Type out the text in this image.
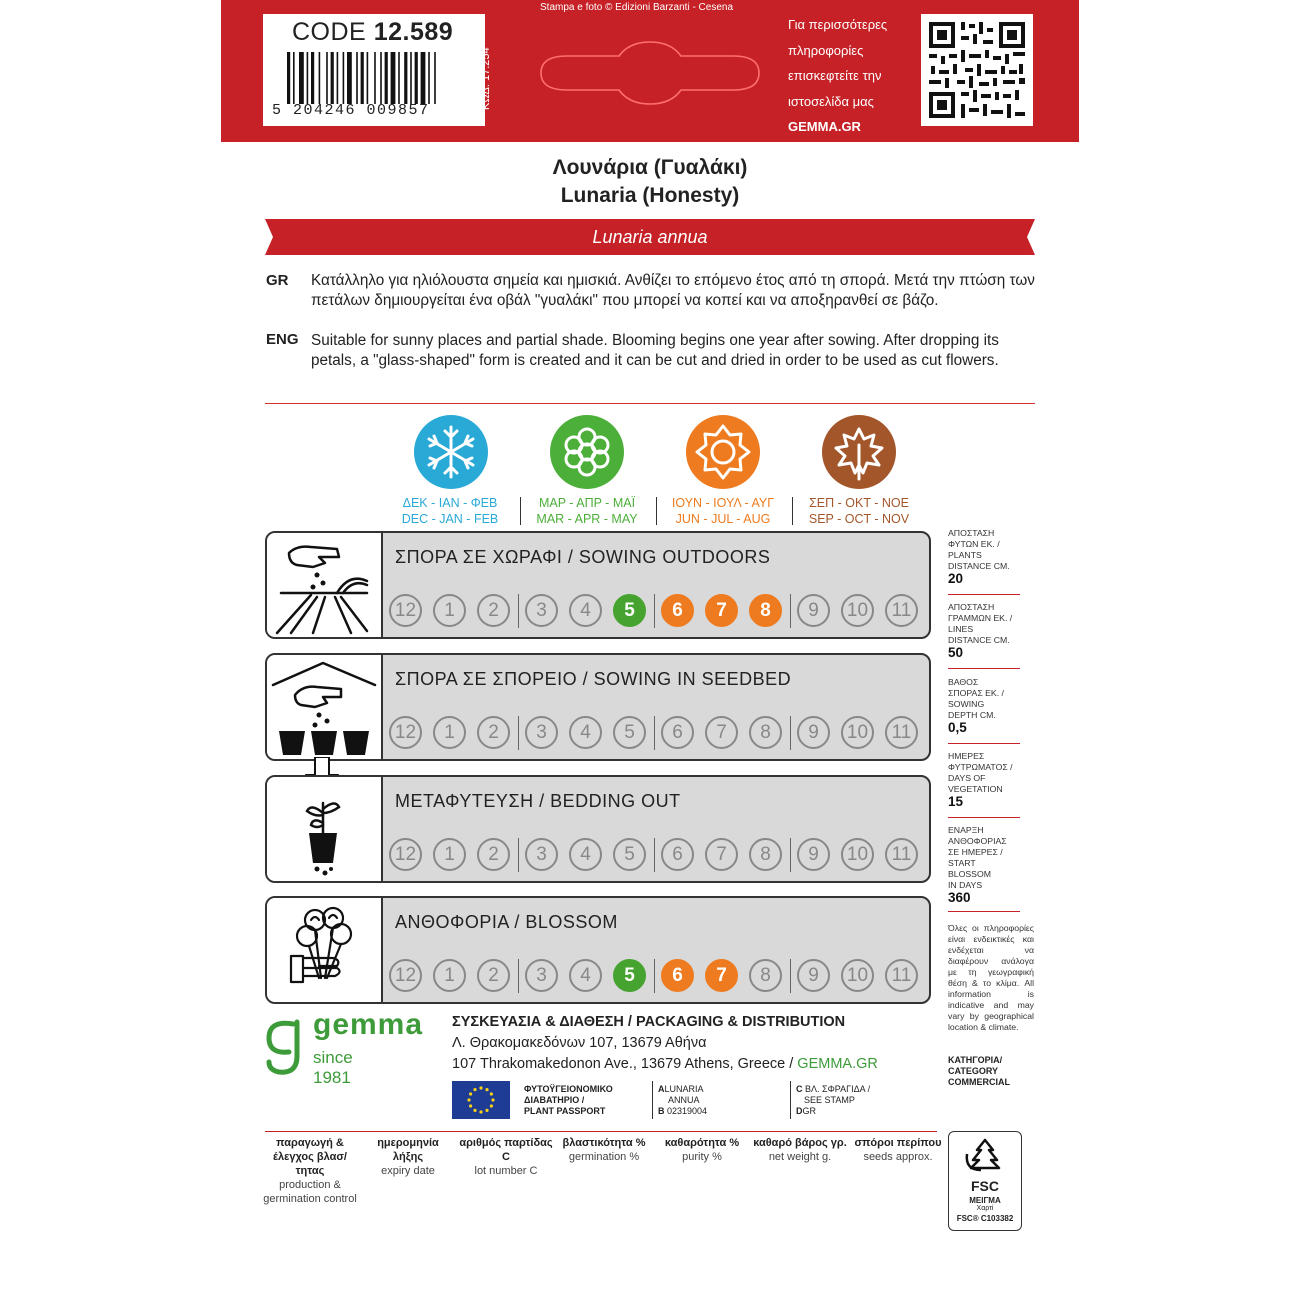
CODE 12.589
5 204246 009857
ΚΩΔ. 17.254
Stampa e foto © Edizioni Barzanti - Cesena
Για περισσότερες
πληροφορίες
επισκεφτείτε την
ιστοσελίδα μας
GEMMA.GR
Λουνάρια (Γυαλάκι)
Lunaria (Honesty)
Lunaria annua
GR Κατάλληλο για ηλιόλουστα σημεία και ημισκιά. Ανθίζει το επόμενο έτος από τη σπορά. Μετά την πτώση των πετάλων δημιουργείται ένα οβάλ "γυαλάκι" που μπορεί να κοπεί και να αποξηρανθεί σε βάζο.
ENG Suitable for sunny places and partial shade. Blooming begins one year after sowing. After dropping its petals, a "glass-shaped" form is created and it can be cut and dried in order to be used as cut flowers.
ΔΕΚ - ΙΑΝ - ΦΕΒ
DEC - JAN - FEB
ΜΑΡ - ΑΠΡ - ΜΑΪ
MAR - APR - MAY
ΙΟΥΝ - ΙΟΥΛ - ΑΥΓ
JUN - JUL - AUG
ΣΕΠ - ΟΚΤ - ΝΟΕ
SEP - OCT - NOV
ΣΠΟΡΑ ΣΕ ΧΩΡΑΦΙ / SOWING OUTDOORS
12	1	2	3	4	5	6	7	8	9	10	11
ΣΠΟΡΑ ΣΕ ΣΠΟΡΕΙΟ / SOWING IN SEEDBED
12	1	2	3	4	5	6	7	8	9	10	11
ΜΕΤΑΦΥΤΕΥΣΗ / BEDDING OUT
12	1	2	3	4	5	6	7	8	9	10	11
ΑΝΘΟΦΟΡΙΑ / BLOSSOM
12	1	2	3	4	5	6	7	8	9	10	11
ΑΠΟΣΤΑΣΗ
ΦΥΤΩΝ ΕΚ. /
PLANTS
DISTANCE CM.
20
ΑΠΟΣΤΑΣΗ
ΓΡΑΜΜΩΝ ΕΚ. /
LINES
DISTANCE CM.
50
ΒΑΘΟΣ
ΣΠΟΡΑΣ ΕΚ. /
SOWING
DEPTH CM.
0,5
ΗΜΕΡΕΣ
ΦΥΤΡΩΜΑΤΟΣ /
DAYS OF
VEGETATION
15
ΕΝΑΡΞΗ
ΑΝΘΟΦΟΡΙΑΣ
ΣΕ ΗΜΕΡΕΣ /
START
BLOSSOM
IN DAYS
360
Όλες οι πληροφορίες είναι ενδεικτικές και ενδέχεται να διαφέρουν ανάλογα με τη γεωγραφική θέση & το κλίμα. All information is indicative and may vary by geographical location & climate.
ΚΑΤΗΓΟΡΙΑ/
CATEGORY
COMMERCIAL
gemma
since 1981
ΣΥΣΚΕΥΑΣΙΑ & ΔΙΑΘΕΣΗ / PACKAGING & DISTRIBUTION
Λ. Θρακομακεδόνων 107, 13679 Αθήνα
107 Thrakomakedonon Ave., 13679 Athens, Greece / GEMMA.GR
ΦΥΤΟΫΓΕΙΟΝΟΜΙΚΟ
ΔΙΑΒΑΤΗΡΙΟ /
PLANT PASSPORT
ALUNARIA
ANNUA
B 02319004
C ΒΛ. ΣΦΡΑΓΙΔΑ /
SEE STAMP
DGR
παραγωγή & έλεγχος βλασ/τητας
production & germination control
ημερομηνία λήξης
expiry date
αριθμός παρτίδας C
lot number C
βλαστικότητα %
germination %
καθαρότητα %
purity %
καθαρό βάρος γρ.
net weight g.
σπόροι περίπου
seeds approx.
FSC
ΜΕΙΓΜΑ
Χαρτί
FSC® C103382
